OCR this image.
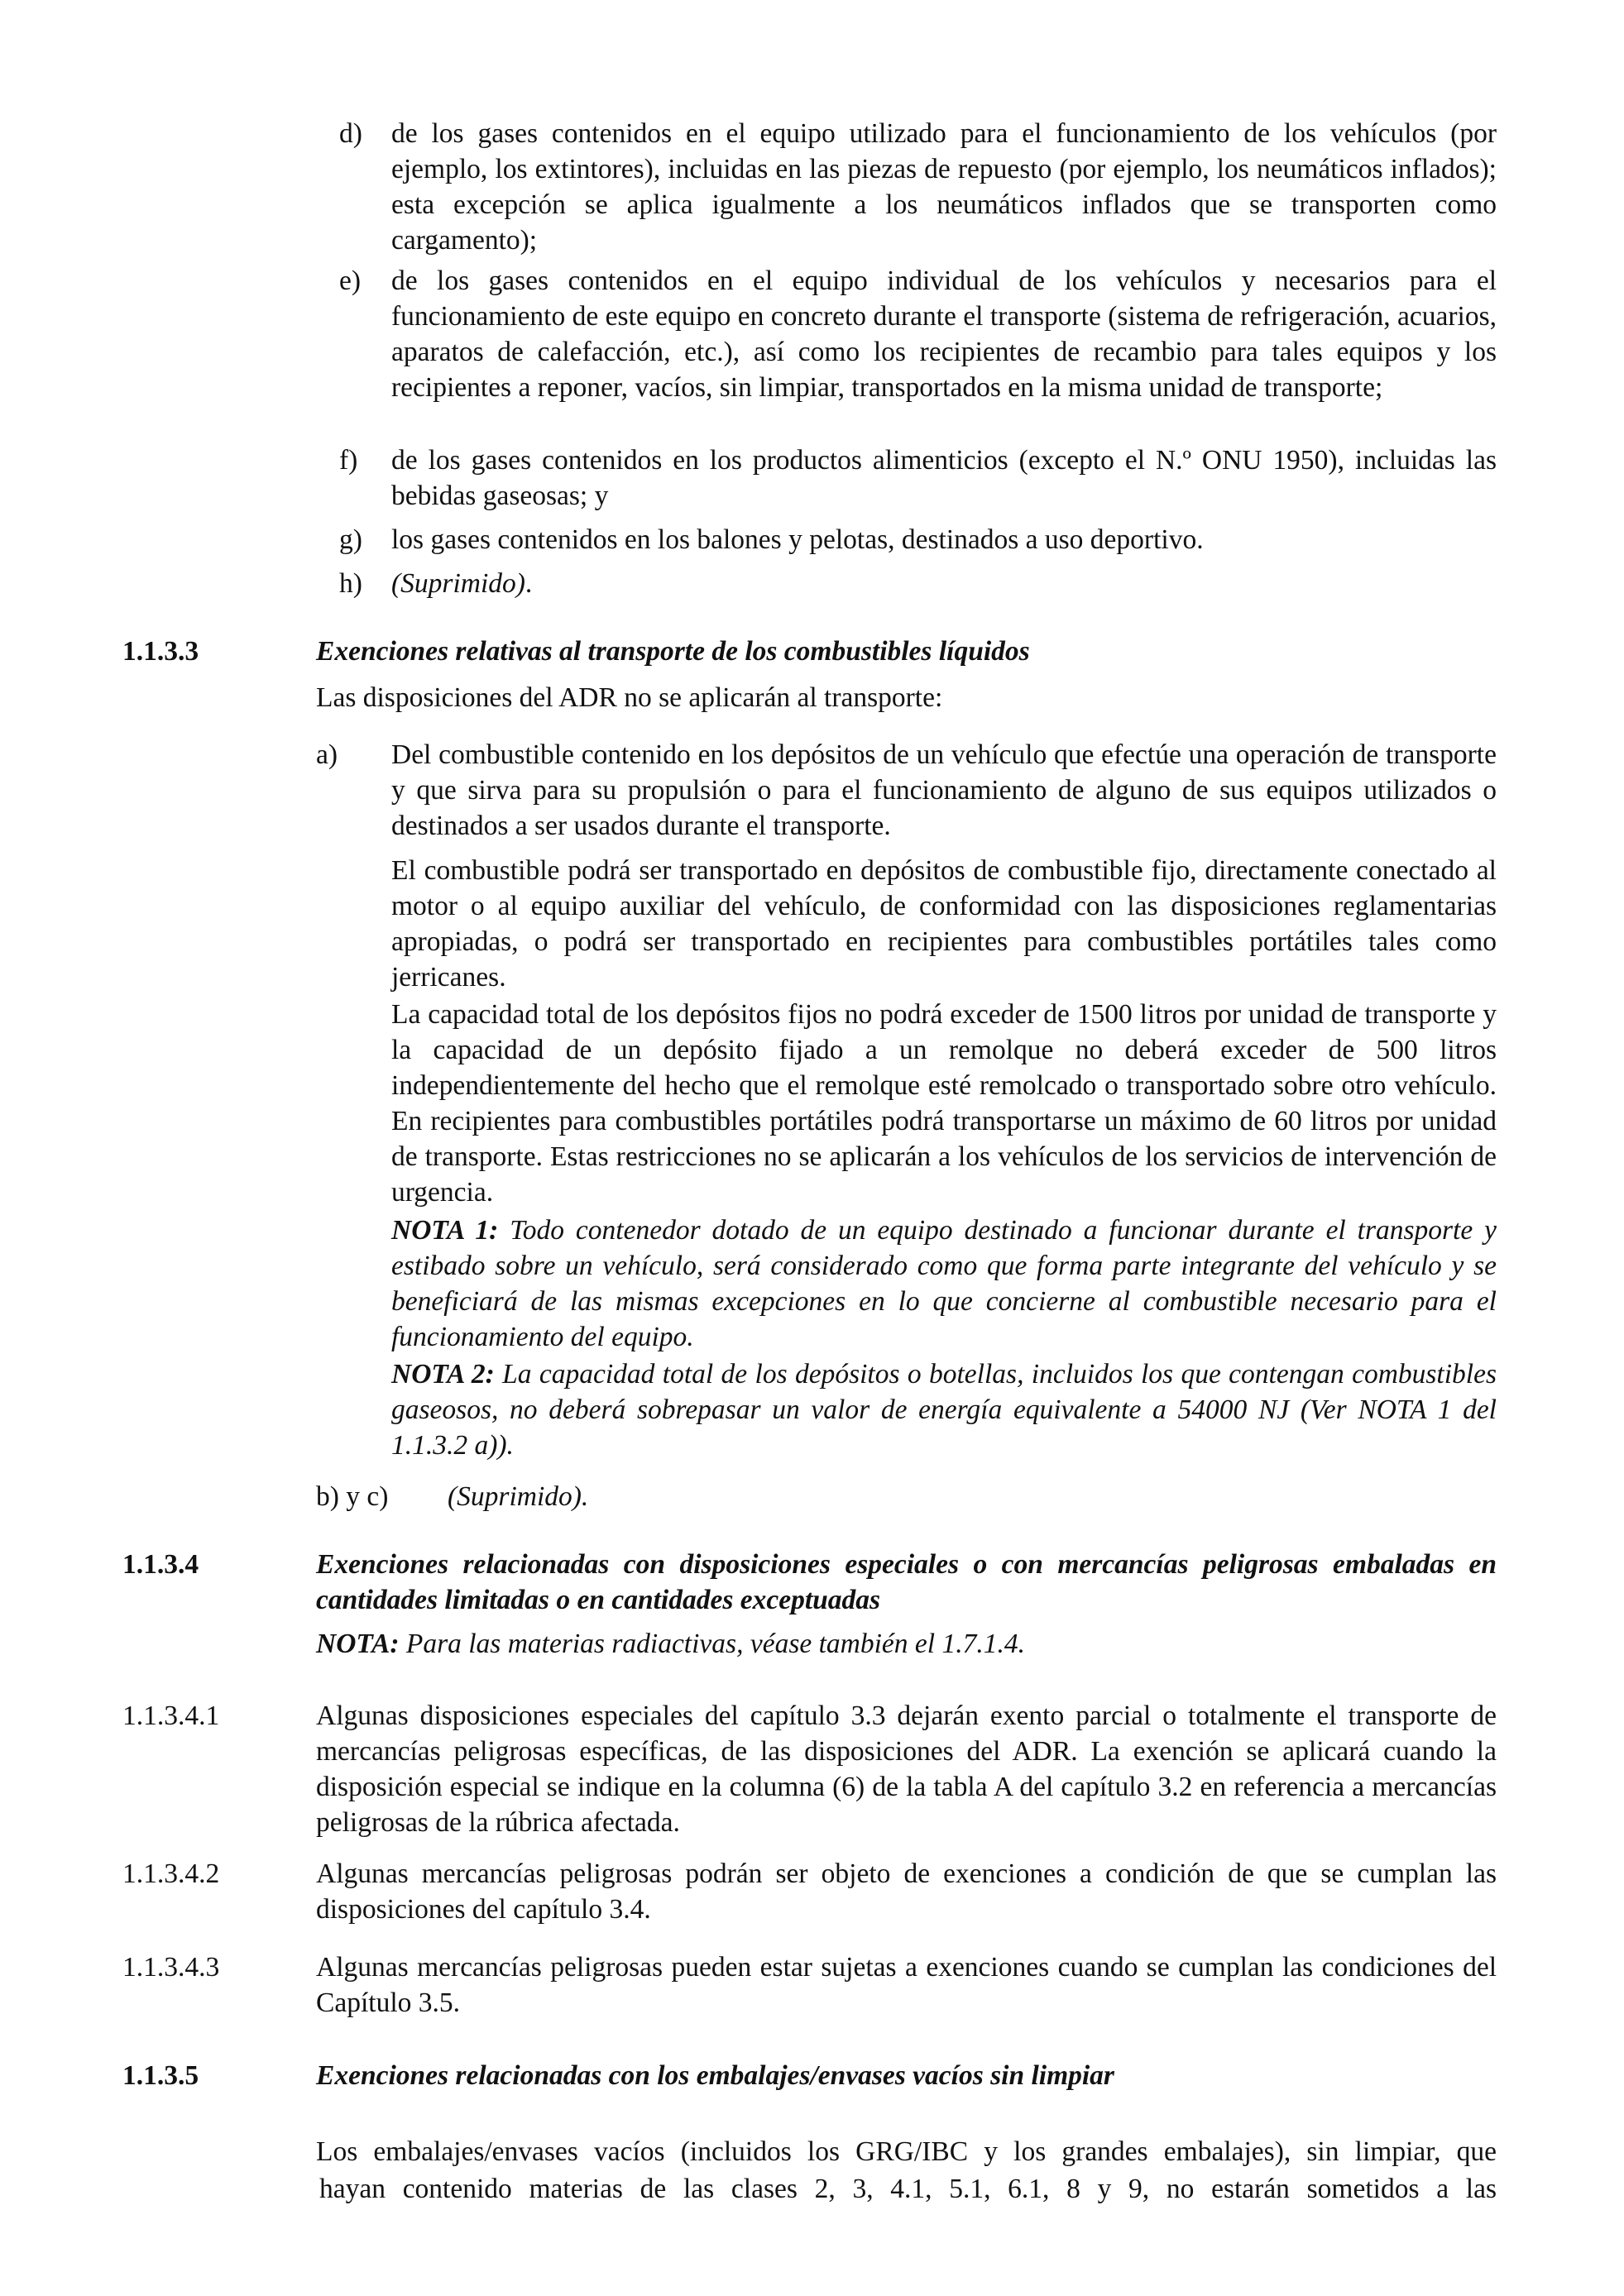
d) de los gases contenidos en el equipo utilizado para el funcionamiento de los vehículos (por ejemplo, los extintores), incluidas en las piezas de repuesto (por ejemplo, los neumáticos inflados); esta excepción se aplica igualmente a los neumáticos inflados que se transporten como cargamento);

e) de los gases contenidos en el equipo individual de los vehículos y necesarios para el funcionamiento de este equipo en concreto durante el transporte (sistema de refrigeración, acuarios, aparatos de calefacción, etc.), así como los recipientes de recambio para tales equipos y los recipientes a reponer, vacíos, sin limpiar, transportados en la misma unidad de transporte;

f) de los gases contenidos en los productos alimenticios (excepto el N.º ONU 1950), incluidas las bebidas gaseosas; y

g) los gases contenidos en los balones y pelotas, destinados a uso deportivo.

h) (Suprimido).

1.1.3.3	Exenciones relativas al transporte de los combustibles líquidos

Las disposiciones del ADR no se aplicarán al transporte:

a) Del combustible contenido en los depósitos de un vehículo que efectúe una operación de transporte y que sirva para su propulsión o para el funcionamiento de alguno de sus equipos utilizados o destinados a ser usados durante el transporte.

El combustible podrá ser transportado en depósitos de combustible fijo, directamente conectado al motor o al equipo auxiliar del vehículo, de conformidad con las disposiciones reglamentarias apropiadas, o podrá ser transportado en recipientes para combustibles portátiles tales como jerricanes.

La capacidad total de los depósitos fijos no podrá exceder de 1500 litros por unidad de transporte y la capacidad de un depósito fijado a un remolque no deberá exceder de 500 litros independientemente del hecho que el remolque esté remolcado o transportado sobre otro vehículo. En recipientes para combustibles portátiles podrá transportarse un máximo de 60 litros por unidad de transporte. Estas restricciones no se aplicarán a los vehículos de los servicios de intervención de urgencia.

NOTA 1: Todo contenedor dotado de un equipo destinado a funcionar durante el transporte y estibado sobre un vehículo, será considerado como que forma parte integrante del vehículo y se beneficiará de las mismas excepciones en lo que concierne al combustible necesario para el funcionamiento del equipo.

NOTA 2: La capacidad total de los depósitos o botellas, incluidos los que contengan combustibles gaseosos, no deberá sobrepasar un valor de energía equivalente a 54000 NJ (Ver NOTA 1 del 1.1.3.2 a)).

b) y c) (Suprimido).
1.1.3.4	Exenciones relacionadas con disposiciones especiales o con mercancías peligrosas embaladas en cantidades limitadas o en cantidades exceptuadas

NOTA: Para las materias radiactivas, véase también el 1.7.1.4.

1.1.3.4.1	Algunas disposiciones especiales del capítulo 3.3 dejarán exento parcial o totalmente el transporte de mercancías peligrosas específicas, de las disposiciones del ADR. La exención se aplicará cuando la disposición especial se indique en la columna (6) de la tabla A del capítulo 3.2 en referencia a mercancías peligrosas de la rúbrica afectada.

1.1.3.4.2	Algunas mercancías peligrosas podrán ser objeto de exenciones a condición de que se cumplan las disposiciones del capítulo 3.4.

1.1.3.4.3	Algunas mercancías peligrosas pueden estar sujetas a exenciones cuando se cumplan las condiciones del Capítulo 3.5.

1.1.3.5	Exenciones relacionadas con los embalajes/envases vacíos sin limpiar

Los embalajes/envases vacíos (incluidos los GRG/IBC y los grandes embalajes), sin limpiar, que

hayan contenido materias de las clases 2, 3, 4.1, 5.1, 6.1, 8 y 9, no estarán sometidos a las
